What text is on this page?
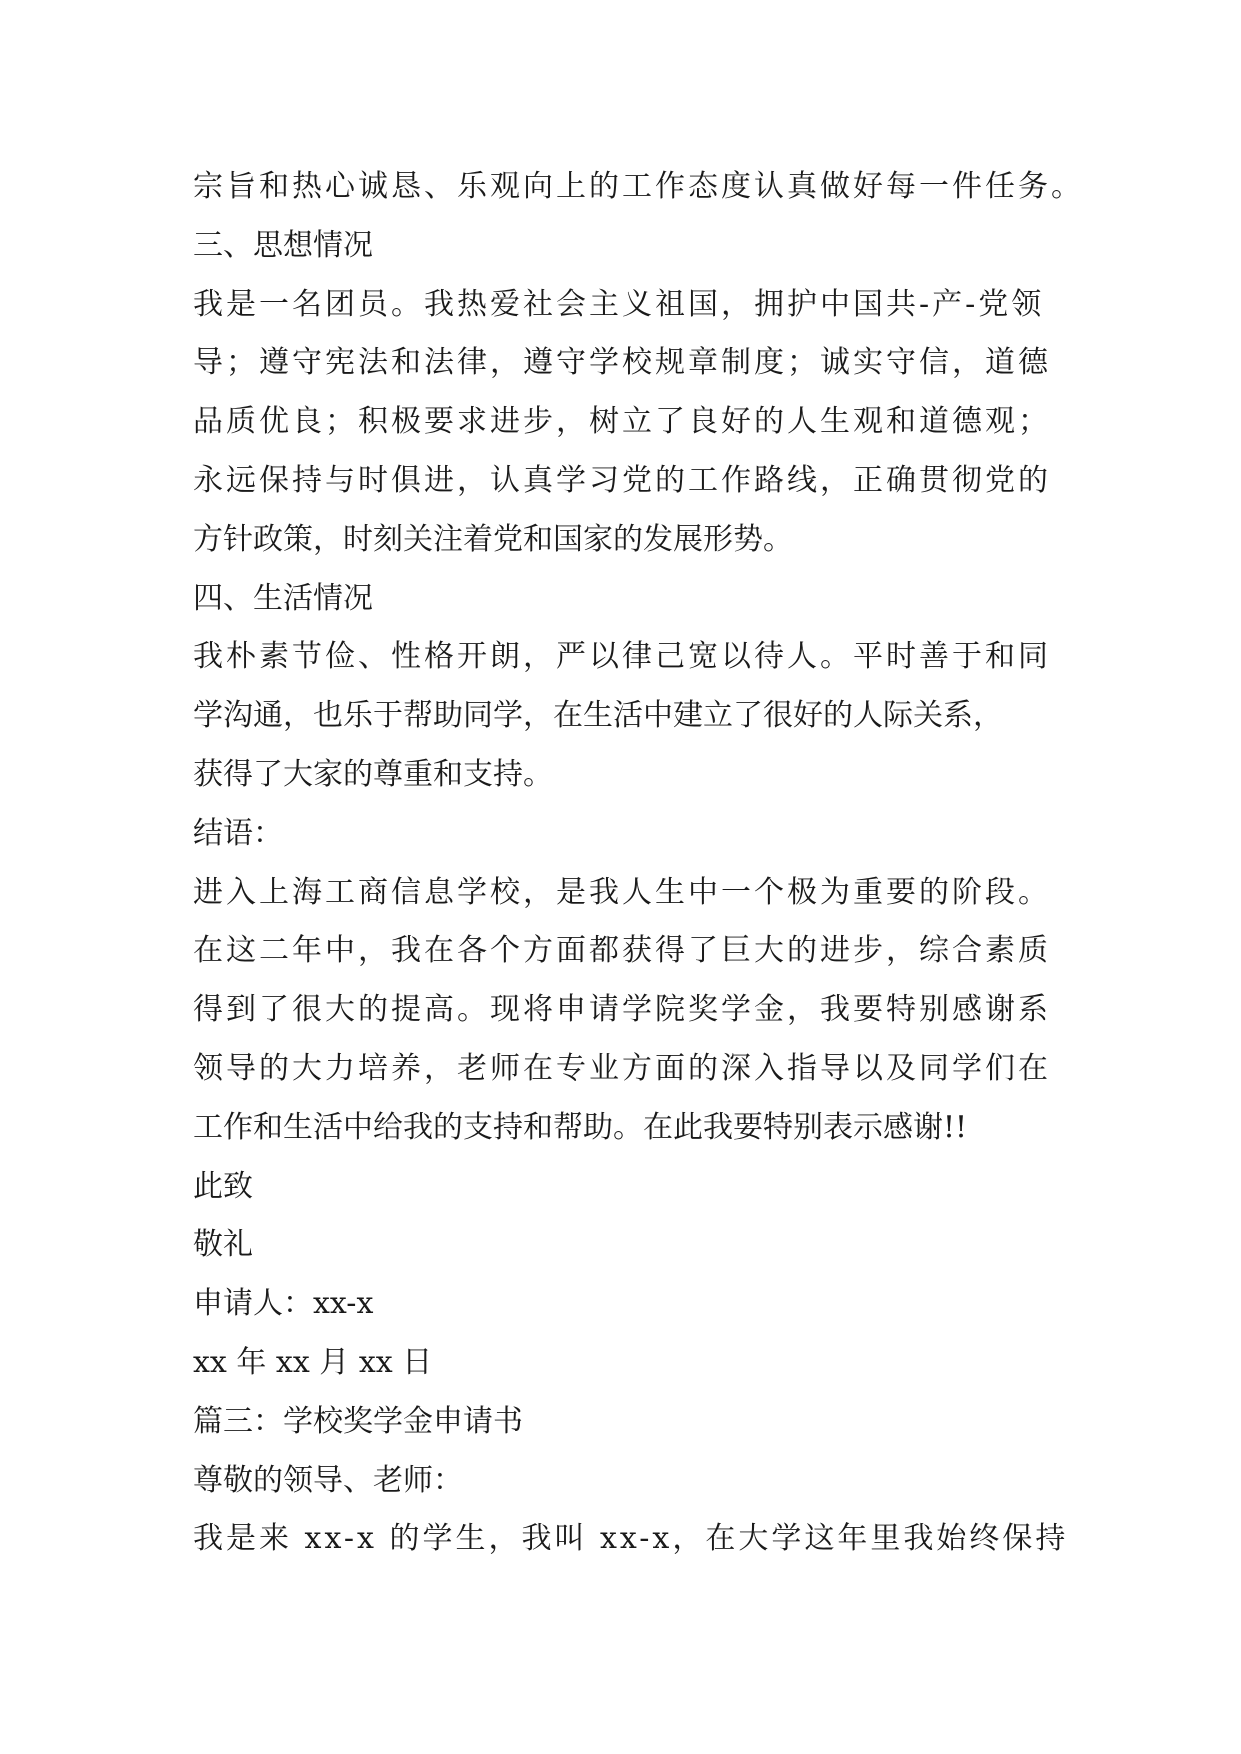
宗旨和热心诚恳、乐观向上的工作态度认真做好每一件任务。
三、思想情况
我是一名团员。我热爱社会主义祖国，拥护中国共-产-党领
导；遵守宪法和法律，遵守学校规章制度；诚实守信，道德
品质优良；积极要求进步，树立了良好的人生观和道德观；
永远保持与时俱进，认真学习党的工作路线，正确贯彻党的
方针政策，时刻关注着党和国家的发展形势。
四、生活情况
我朴素节俭、性格开朗，严以律己宽以待人。平时善于和同
学沟通，也乐于帮助同学，在生活中建立了很好的人际关系，
获得了大家的尊重和支持。
结语：
进入上海工商信息学校，是我人生中一个极为重要的阶段。
在这二年中，我在各个方面都获得了巨大的进步，综合素质
得到了很大的提高。现将申请学院奖学金，我要特别感谢系
领导的大力培养，老师在专业方面的深入指导以及同学们在
工作和生活中给我的支持和帮助。在此我要特别表示感谢!!
此致
敬礼
申请人：xx-x
xx 年 xx 月 xx 日
篇三：学校奖学金申请书
尊敬的领导、老师：
我是来 xx-x 的学生，我叫 xx-x，在大学这年里我始终保持
